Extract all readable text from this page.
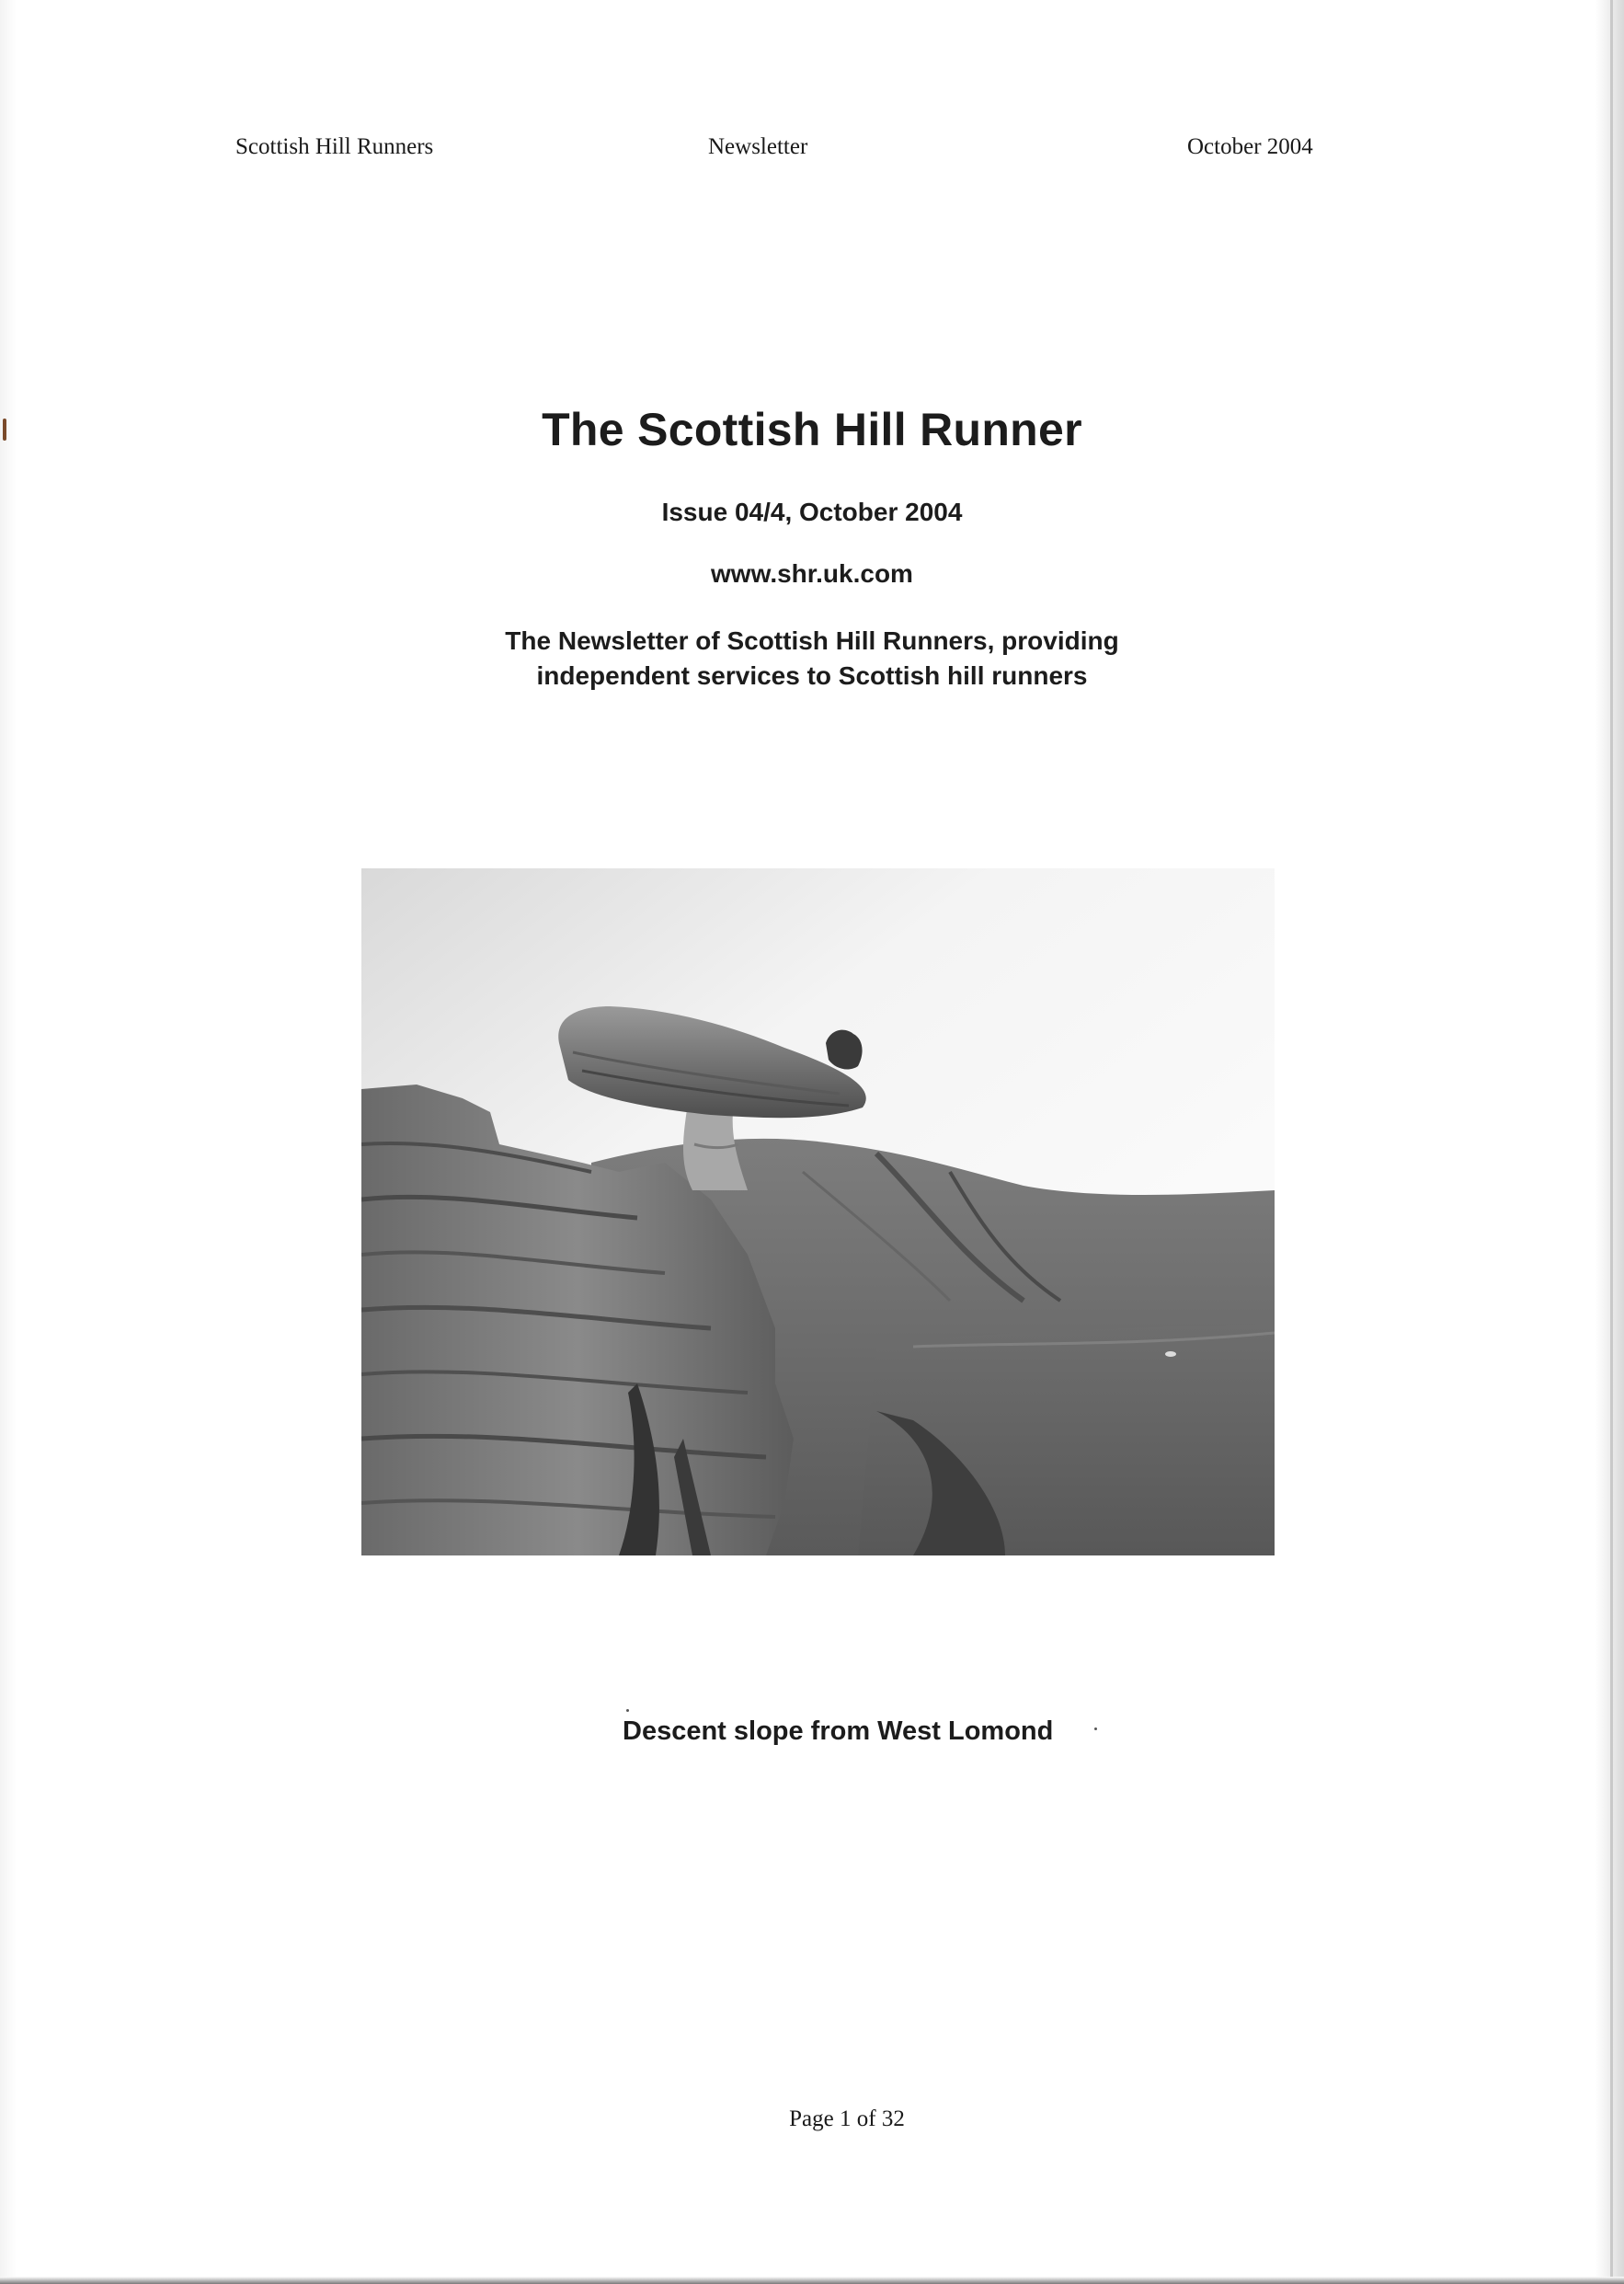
Scottish Hill Runners	Newsletter	October 2004
The Scottish Hill Runner
Issue 04/4, October 2004
www.shr.uk.com
The Newsletter of Scottish Hill Runners, providing
independent services to Scottish hill runners
Descent slope from West Lomond
Page 1 of 32
